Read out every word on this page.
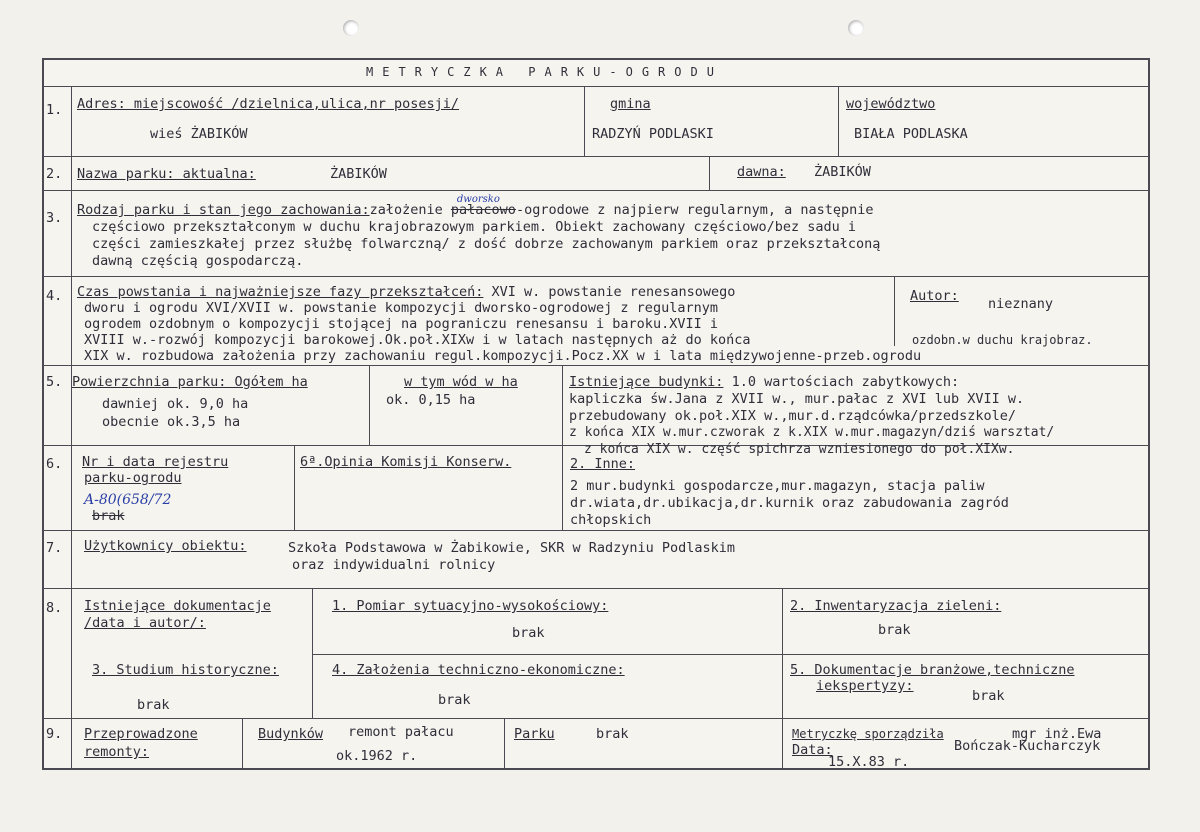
METRYCZKA PARKU-OGRODU
1. Adres: miejscowość /dzielnica,ulica,nr posesji/
wieś ŻABIKÓW
gmina
RADZYŃ PODLASKI
województwo
BIAŁA PODLASKA
2. Nazwa parku: aktualna:	ŻABIKÓW	dawna: ŻABIKÓW
3. Rodzaj parku i stan jego zachowania:założenie
dworsko
pałacowo-ogrodowe z najpierw regularnym, a następnie
częściowo przekształconym w duchu krajobrazowym parkiem. Obiekt zachowany częściowo/bez sadu i
części zamieszkałej przez służbę folwarczną/ z dość dobrze zachowanym parkiem oraz przekształconą
dawną częścią gospodarczą.
4. Czas powstania i najważniejsze fazy przekształceń: XVI w. powstanie renesansowego
dworu i ogrodu XVI/XVII w. powstanie kompozycji dworsko-ogrodowej z regularnym
ogrodem ozdobnym o kompozycji stojącej na pograniczu renesansu i baroku.XVII i
XVIII w.-rozwój kompozycji barokowej.Ok.poł.XIXw i w latach następnych aż do końca
XIX w. rozbudowa założenia przy zachowaniu regul.kompozycji.Pocz.XX w i lata międzywojenne-przeb.ogrodu
ozdobn.w duchu krajobraz.
Autor: nieznany
5. Powierzchnia parku: Ogółem ha
dawniej ok. 9,0 ha
obecnie ok.3,5 ha
w tym wód w ha
ok. 0,15 ha
Istniejące budynki: 1.0 wartościach zabytkowych:
kapliczka św.Jana z XVII w., mur.pałac z XVI lub XVII w.
przebudowany ok.poł.XIX w.,mur.d.rządcówka/przedszkole/
z końca XIX w.mur.czworak z k.XIX w.mur.magazyn/dziś warsztat/
z końca XIX w. część spichrza wzniesionego do poł.XIXw.
6. Nr i data rejestru
parku-ogrodu
A-80(658/72
brak
6ª.Opinia Komisji Konserw.	2. Inne:
2 mur.budynki gospodarcze,mur.magazyn, stacja paliw
dr.wiata,dr.ubikacja,dr.kurnik oraz zabudowania zagród
chłopskich
7. Użytkownicy obiektu:	Szkoła Podstawowa w Żabikowie, SKR w Radzyniu Podlaskim
oraz indywidualni rolnicy
8. Istniejące dokumentacje
/data i autor/:
1. Pomiar sytuacyjno-wysokościowy:
brak
2. Inwentaryzacja zieleni:
brak
3. Studium historyczne:
brak
4. Założenia techniczno-ekonomiczne:
brak
5. Dokumentacje branżowe,techniczne
iekspertyzy:
brak
9. Przeprowadzone
remonty:
Budynków remont pałacu
ok.1962 r.
Parku	brak	Metryczkę sporządziła	mgr inż.Ewa
Bończak-Kucharczyk
Data:
15.X.83 r.
